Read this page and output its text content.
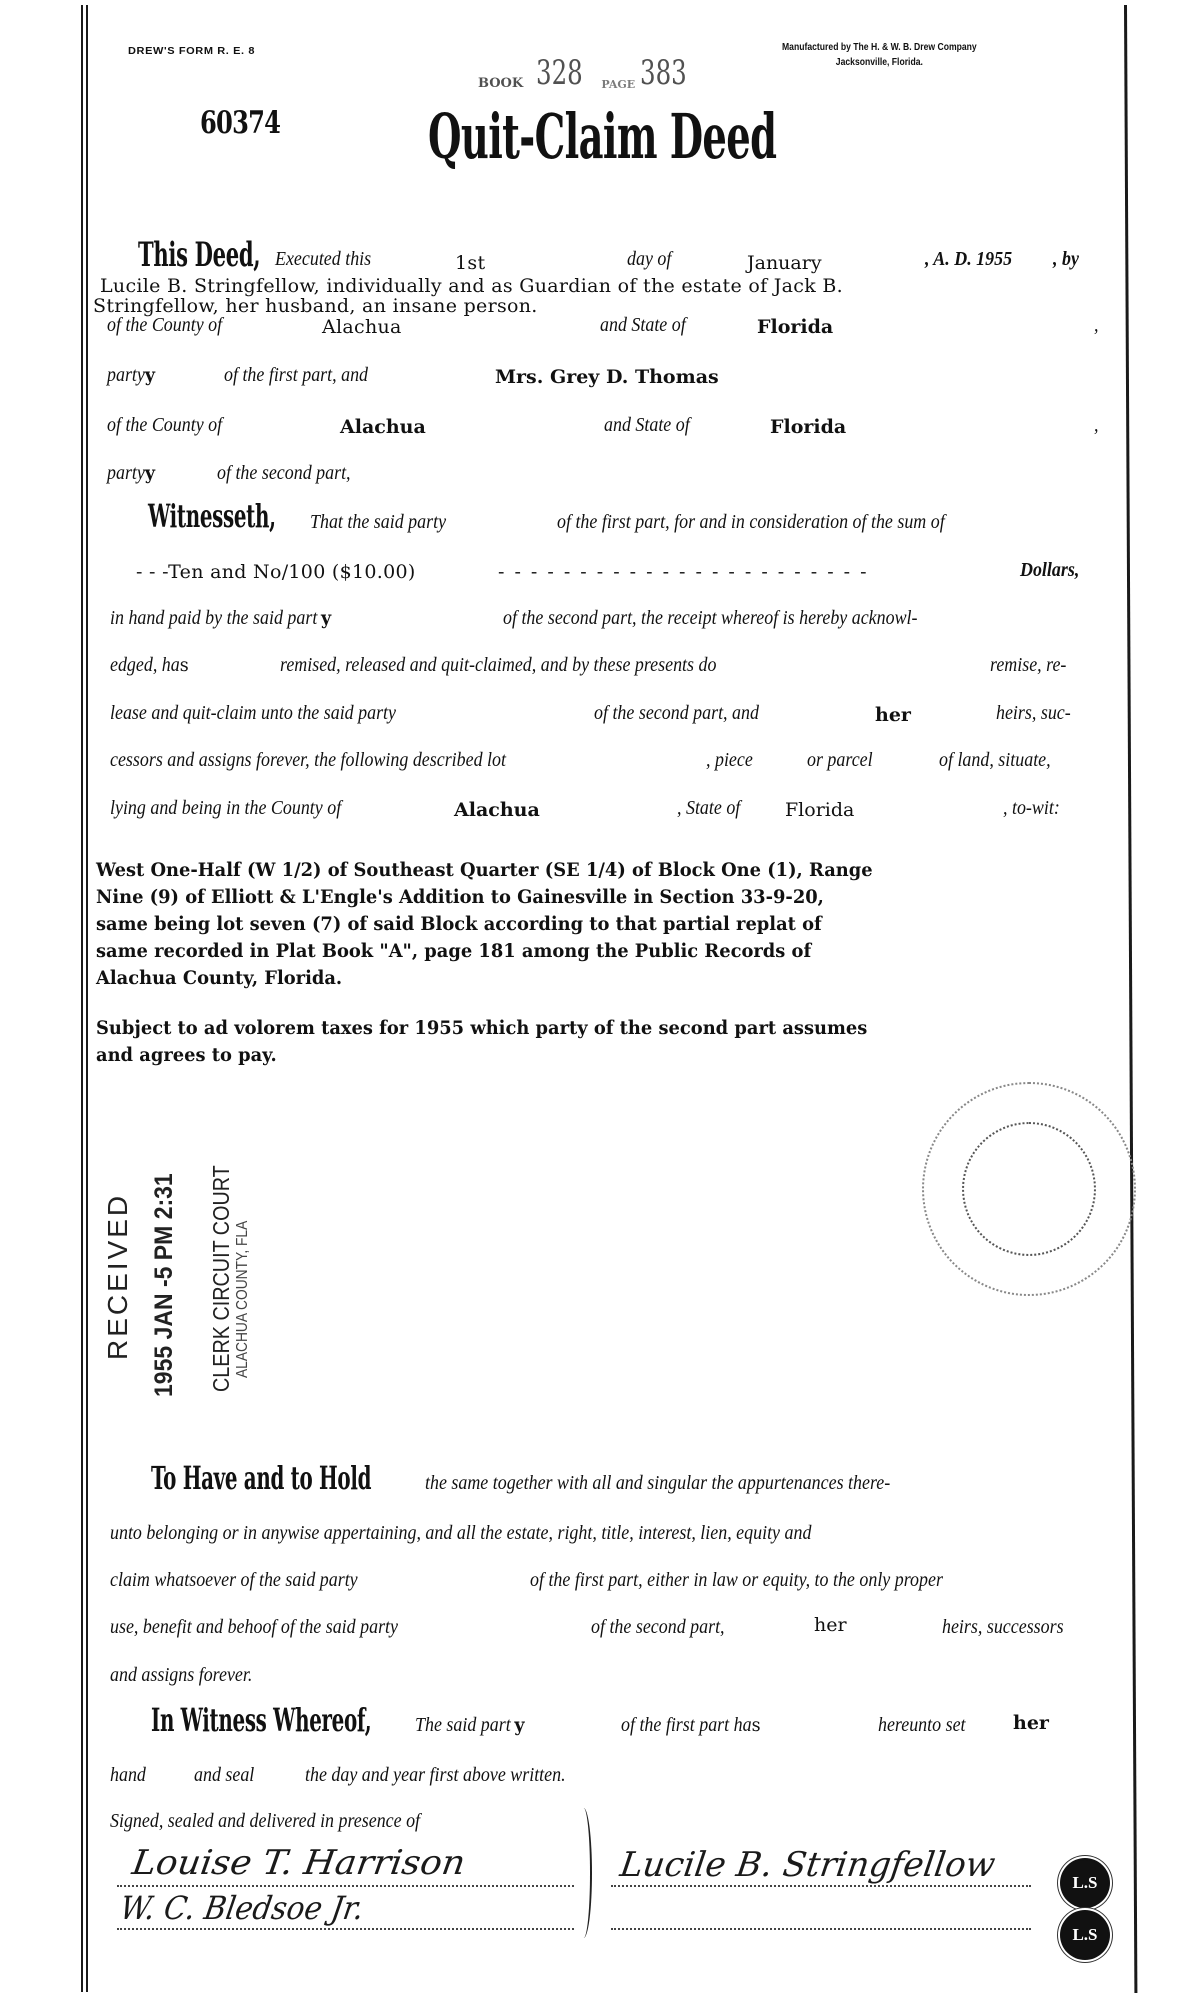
DREW'S FORM R. E. 8	Manufactured by The H. & W. B. Drew Company
Jacksonville, Florida.
BOOK 328 PAGE 383
60374 Quit-Claim Deed
This Deed, Executed this	1st	day of	January	, A. D. 1955 , by
Lucile B. Stringfellow, individually and as Guardian of the estate of Jack B.
Stringfellow, her husband, an insane person.
of the County of	Alachua	and State of	Florida	,
partyy	of the first part, and	Mrs. Grey D. Thomas
of the County of	Alachua	and State of	Florida	,
partyy	of the second part,
Witnesseth, That the said party	of the first part, for and in consideration of the sum of
- - -Ten and No/100 ($10.00)	- - - - - - - - - - - - - - - - - - - - - - -	Dollars,
in hand paid by the said part y	of the second part, the receipt whereof is hereby acknowl-
edged, has	remised, released and quit-claimed, and by these presents do	remise, re-
lease and quit-claim unto the said party	of the second part, and	her	heirs, suc-
cessors and assigns forever, the following described lot	, piece	or parcel	of land, situate,
lying and being in the County of	Alachua	, State of Florida	, to-wit:
West One-Half (W 1/2) of Southeast Quarter (SE 1/4) of Block One (1), Range
Nine (9) of Elliott & L'Engle's Addition to Gainesville in Section 33-9-20,
same being lot seven (7) of said Block according to that partial replat of
same recorded in Plat Book "A", page 181 among the Public Records of
Alachua County, Florida.
Subject to ad volorem taxes for 1955 which party of the second part assumes
and agrees to pay.
RECEIVED 1955 JAN -5 PM 2:31 CLERK CIRCUIT COURT ALACHUA COUNTY, FLA
To Have and to Hold	the same together with all and singular the appurtenances there-
unto belonging or in anywise appertaining, and all the estate, right, title, interest, lien, equity and
claim whatsoever of the said party	of the first part, either in law or equity, to the only proper
use, benefit and behoof of the said party	of the second part,	her	heirs, successors
and assigns forever.
In Witness Whereof, The said part y	of the first part has	hereunto set her
hand and seal	the day and year first above written.
Signed, sealed and delivered in presence of
Louise T. Harrison
W. C. Bledsoe Jr.
Lucile B. Stringfellow	L.S
L.S
